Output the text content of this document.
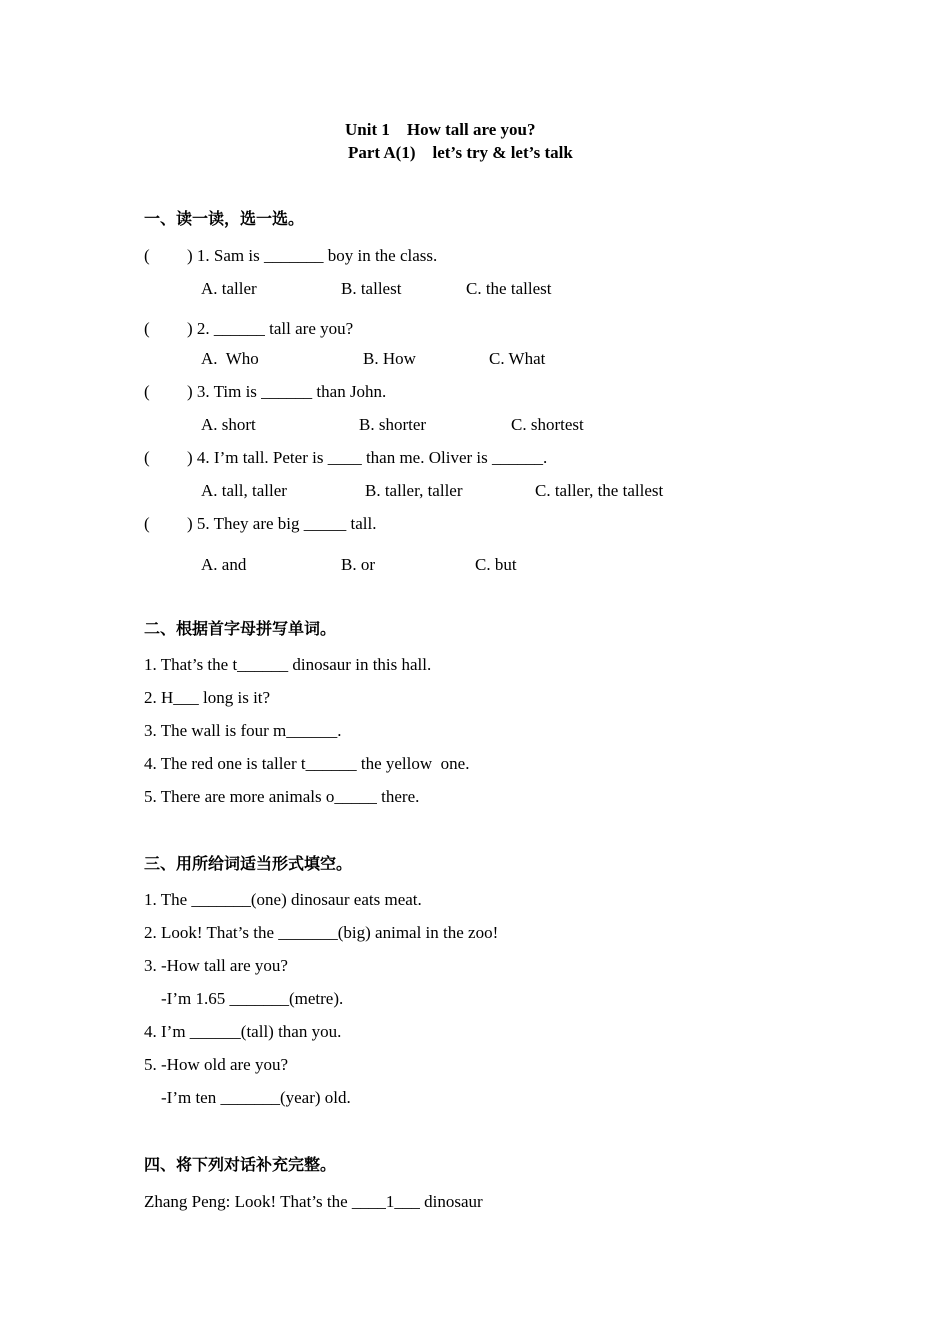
Unit 1    How tall are you?
Part A(1)    let’s try & let’s talk
一、读一读，选一选。
( ) 1. Sam is _______ boy in the class.
A. taller	B. tallest	C. the tallest
( ) 2. ______ tall are you?
A.  Who	B. How	C. What
( ) 3. Tim is ______ than John.
A. short	B. shorter	C. shortest
( ) 4. I’m tall. Peter is ____ than me. Oliver is ______.
A. tall, taller	B. taller, taller	C. taller, the tallest
( ) 5. They are big _____ tall.
A. and	B. or	C. but
二、根据首字母拼写单词。
1. That’s the t______ dinosaur in this hall.
2. H___ long is it?
3. The wall is four m______.
4. The red one is taller t______ the yellow  one.
5. There are more animals o_____ there.
三、用所给词适当形式填空。
1. The _______(one) dinosaur eats meat.
2. Look! That’s the _______(big) animal in the zoo!
3. -How tall are you?
-I’m 1.65 _______(metre).
4. I’m ______(tall) than you.
5. -How old are you?
-I’m ten _______(year) old.
四、将下列对话补充完整。
Zhang Peng: Look! That’s the ____1___ dinosaur
